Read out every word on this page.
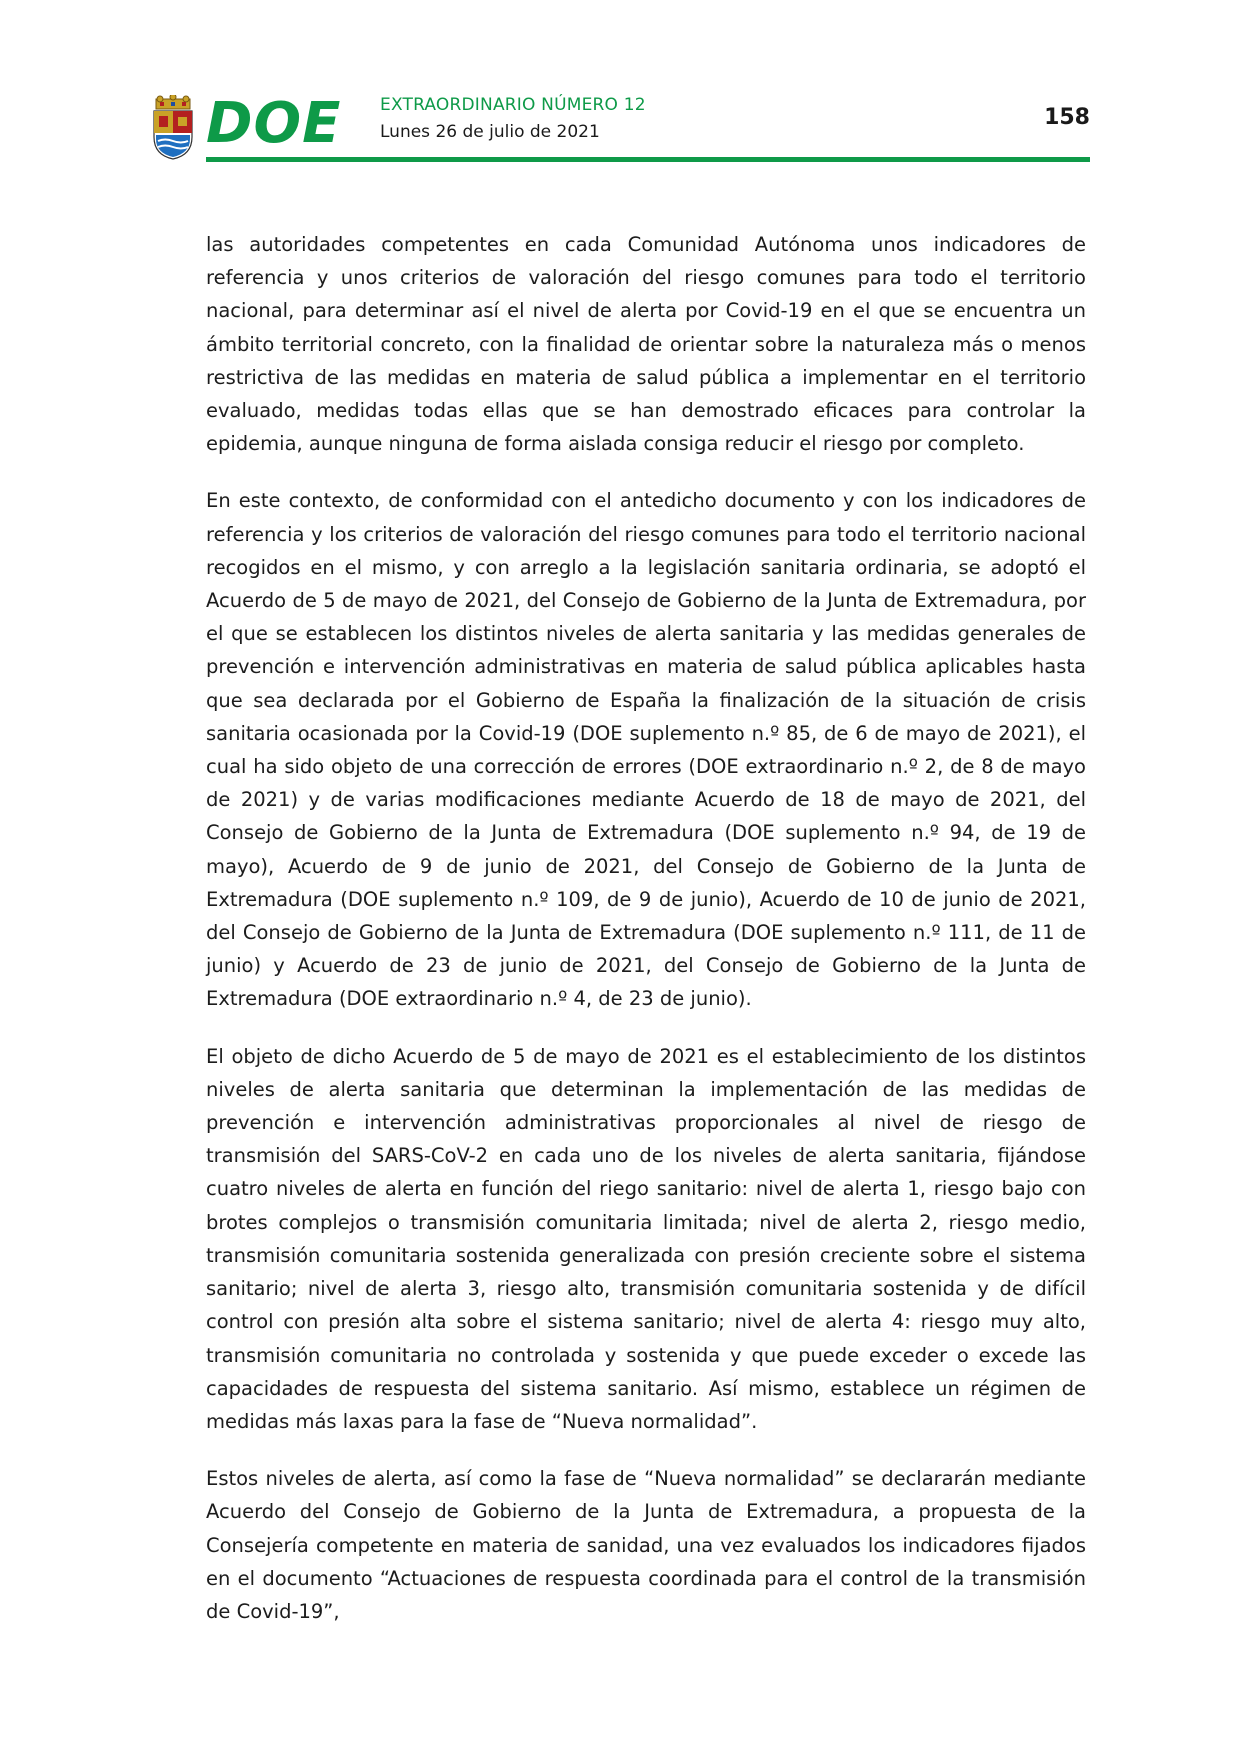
DOE EXTRAORDINARIO NÚMERO 12
Lunes 26 de julio de 2021
158

las autoridades competentes en cada Comunidad Autónoma unos indicadores de referencia y unos criterios de valoración del riesgo comunes para todo el territorio nacional, para determinar así el nivel de alerta por Covid-19 en el que se encuentra un ámbito territorial concreto, con la finalidad de orientar sobre la naturaleza más o menos restrictiva de las medidas en materia de salud pública a implementar en el territorio evaluado, medidas todas ellas que se han demostrado eficaces para controlar la epidemia, aunque ninguna de forma aislada consiga reducir el riesgo por completo.

En este contexto, de conformidad con el antedicho documento y con los indicadores de referencia y los criterios de valoración del riesgo comunes para todo el territorio nacional recogidos en el mismo, y con arreglo a la legislación sanitaria ordinaria, se adoptó el Acuerdo de 5 de mayo de 2021, del Consejo de Gobierno de la Junta de Extremadura, por el que se establecen los distintos niveles de alerta sanitaria y las medidas generales de prevención e intervención administrativas en materia de salud pública aplicables hasta que sea declarada por el Gobierno de España la finalización de la situación de crisis sanitaria ocasionada por la Covid-19 (DOE suplemento n.º 85, de 6 de mayo de 2021), el cual ha sido objeto de una corrección de errores (DOE extraordinario n.º 2, de 8 de mayo de 2021) y de varias modificaciones mediante Acuerdo de 18 de mayo de 2021, del Consejo de Gobierno de la Junta de Extremadura (DOE suplemento n.º 94, de 19 de mayo), Acuerdo de 9 de junio de 2021, del Consejo de Gobierno de la Junta de Extremadura (DOE suplemento n.º 109, de 9 de junio), Acuerdo de 10 de junio de 2021, del Consejo de Gobierno de la Junta de Extremadura (DOE suplemento n.º 111, de 11 de junio) y Acuerdo de 23 de junio de 2021, del Consejo de Gobierno de la Junta de Extremadura (DOE extraordinario n.º 4, de 23 de junio).

El objeto de dicho Acuerdo de 5 de mayo de 2021 es el establecimiento de los distintos niveles de alerta sanitaria que determinan la implementación de las medidas de prevención e intervención administrativas proporcionales al nivel de riesgo de transmisión del SARS-CoV-2 en cada uno de los niveles de alerta sanitaria, fijándose cuatro niveles de alerta en función del riego sanitario: nivel de alerta 1, riesgo bajo con brotes complejos o transmisión comunitaria limitada; nivel de alerta 2, riesgo medio, transmisión comunitaria sostenida generalizada con presión creciente sobre el sistema sanitario; nivel de alerta 3, riesgo alto, transmisión comunitaria sostenida y de difícil control con presión alta sobre el sistema sanitario; nivel de alerta 4: riesgo muy alto, transmisión comunitaria no controlada y sostenida y que puede exceder o excede las capacidades de respuesta del sistema sanitario. Así mismo, establece un régimen de medidas más laxas para la fase de “Nueva normalidad”.

Estos niveles de alerta, así como la fase de “Nueva normalidad” se declararán mediante Acuerdo del Consejo de Gobierno de la Junta de Extremadura, a propuesta de la Consejería competente en materia de sanidad, una vez evaluados los indicadores fijados en el documento “Actuaciones de respuesta coordinada para el control de la transmisión de Covid-19”,
